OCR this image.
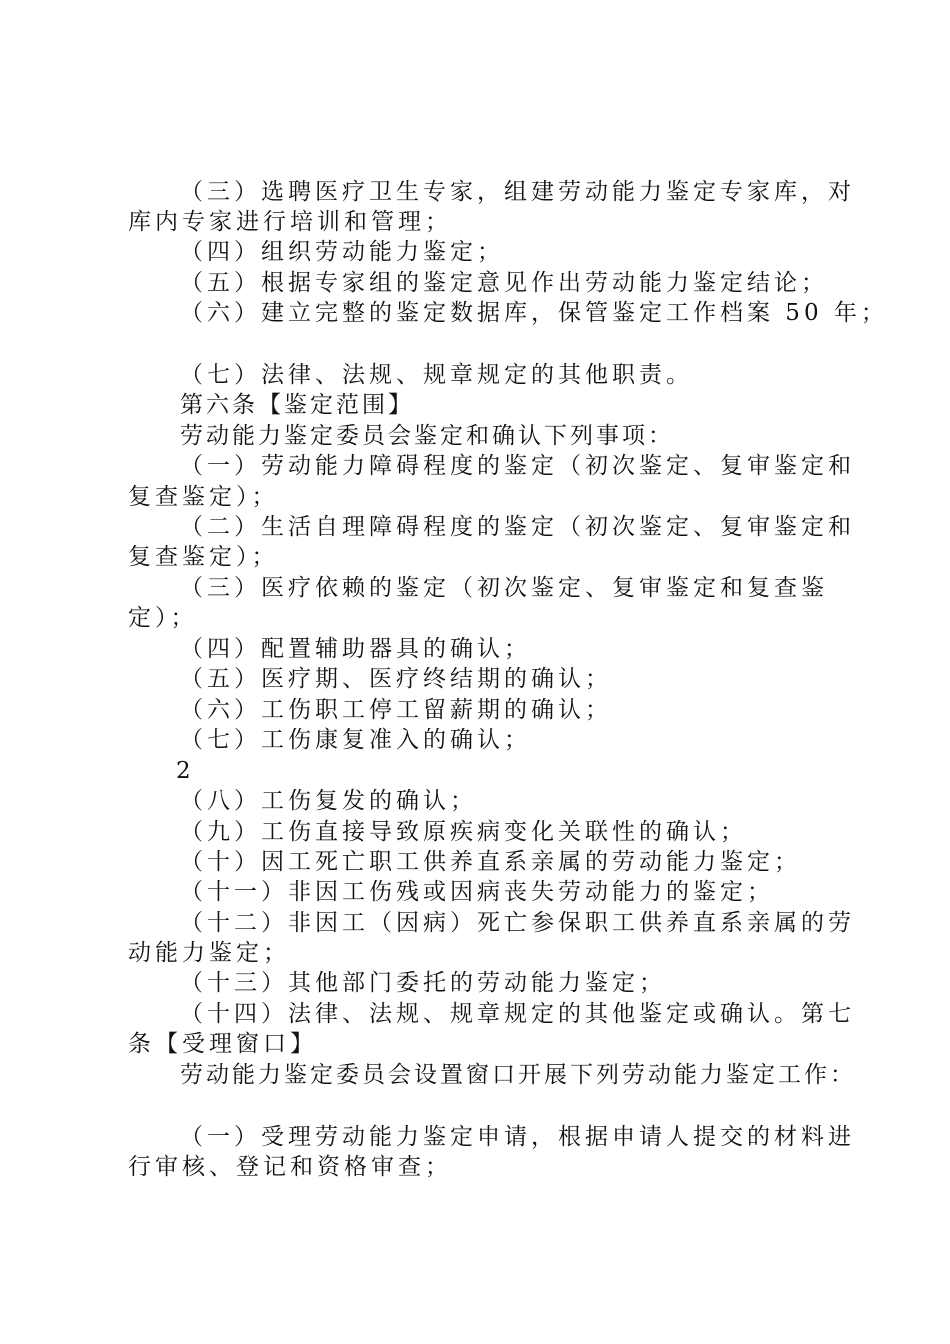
（三）选聘医疗卫生专家，组建劳动能力鉴定专家库，对
库内专家进行培训和管理；
（四）组织劳动能力鉴定；
（五）根据专家组的鉴定意见作出劳动能力鉴定结论；
（六）建立完整的鉴定数据库，保管鉴定工作档案 50 年；
（七）法律、法规、规章规定的其他职责。
第六条【鉴定范围】
劳动能力鉴定委员会鉴定和确认下列事项：
（一）劳动能力障碍程度的鉴定（初次鉴定、复审鉴定和
复查鉴定）；
（二）生活自理障碍程度的鉴定（初次鉴定、复审鉴定和
复查鉴定）；
（三）医疗依赖的鉴定（初次鉴定、复审鉴定和复查鉴
定）；
（四）配置辅助器具的确认；
（五）医疗期、医疗终结期的确认；
（六）工伤职工停工留薪期的确认；
（七）工伤康复准入的确认；
2
（八）工伤复发的确认；
（九）工伤直接导致原疾病变化关联性的确认；
（十）因工死亡职工供养直系亲属的劳动能力鉴定；
（十一）非因工伤残或因病丧失劳动能力的鉴定；
（十二）非因工（因病）死亡参保职工供养直系亲属的劳
动能力鉴定；
（十三）其他部门委托的劳动能力鉴定；
（十四）法律、法规、规章规定的其他鉴定或确认。第七
条【受理窗口】
劳动能力鉴定委员会设置窗口开展下列劳动能力鉴定工作：
（一）受理劳动能力鉴定申请，根据申请人提交的材料进
行审核、登记和资格审查；
